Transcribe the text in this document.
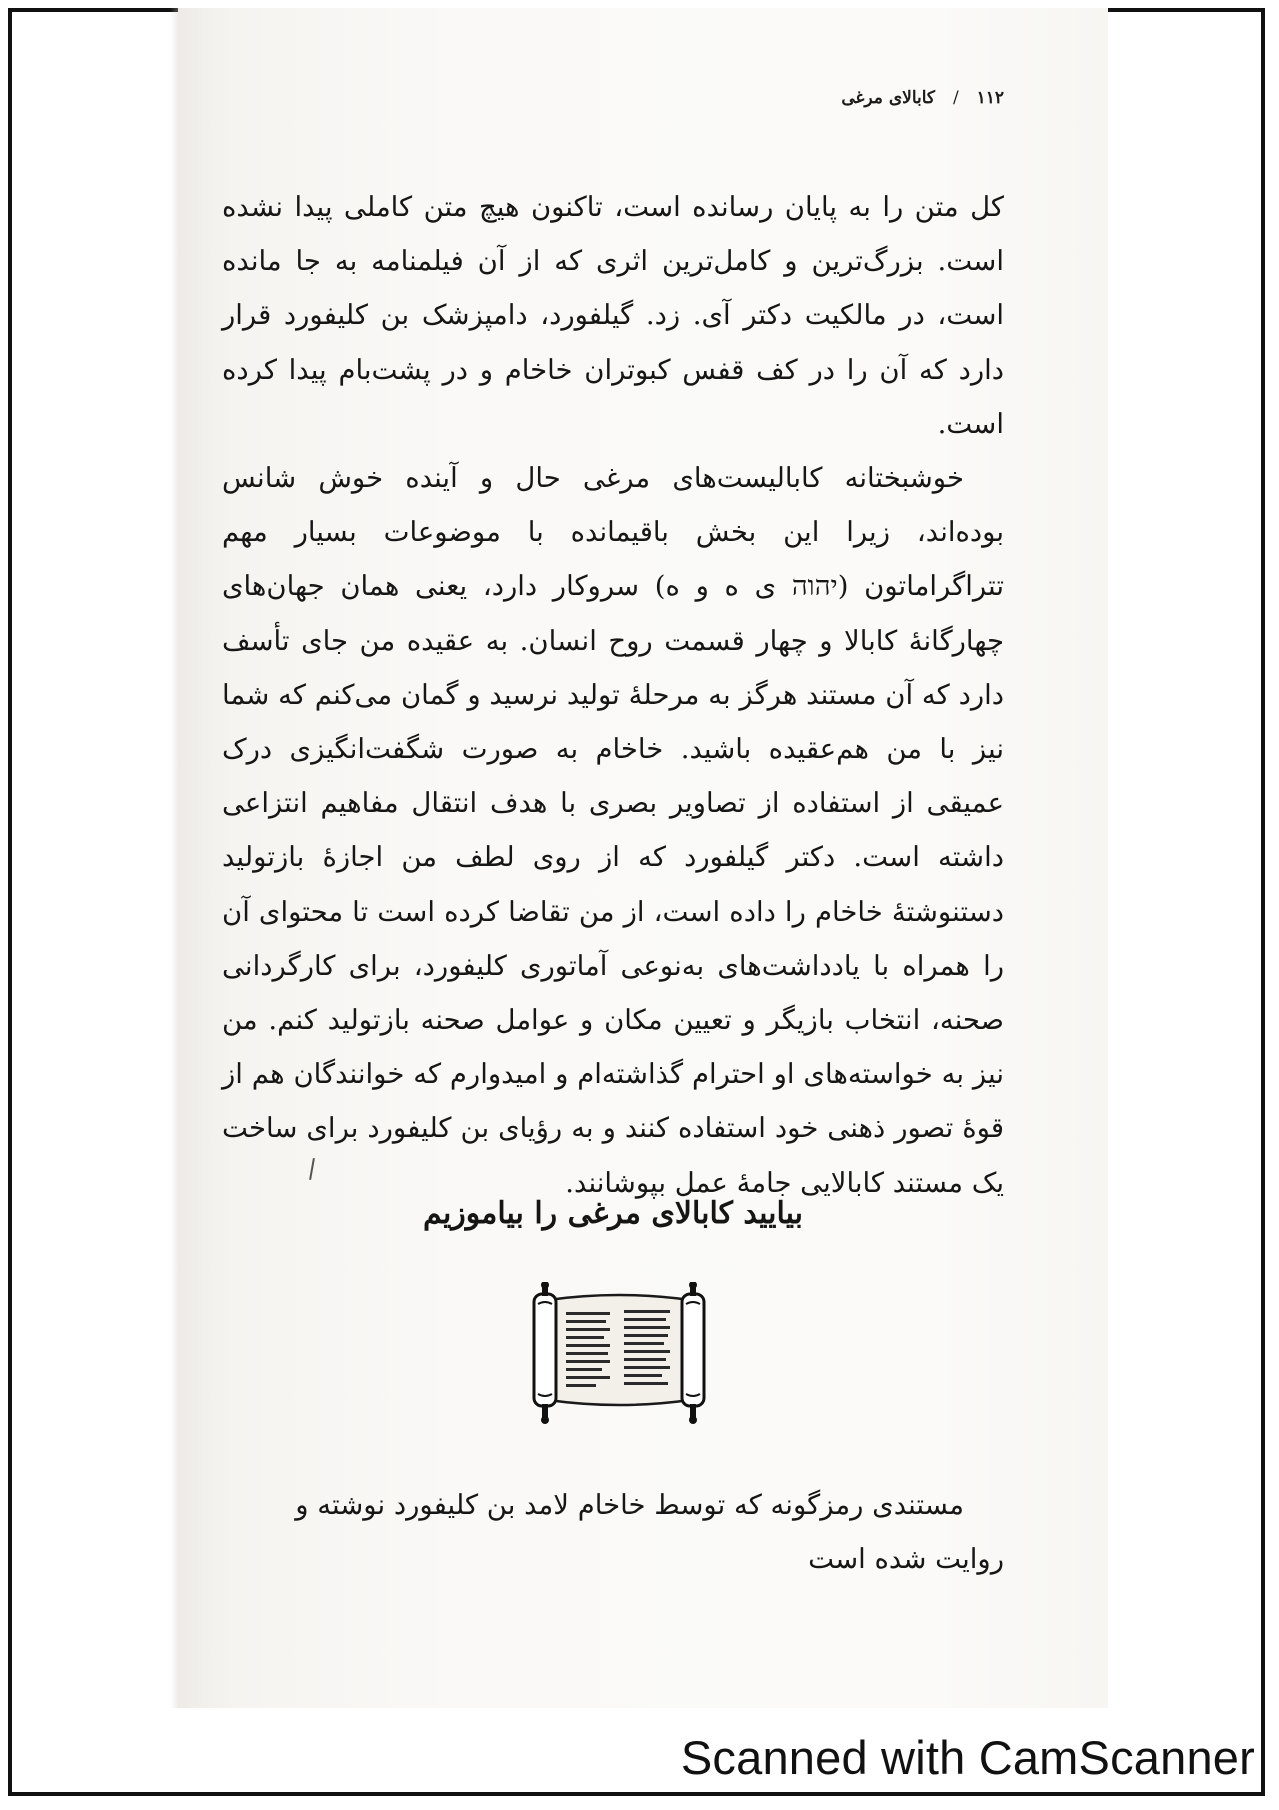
۱۱۲ / کابالای مرغی

کل متن را به پایان رسانده است، تاکنون هیچ متن کاملی پیدا نشده است. بزرگ‌ترین و کامل‌ترین اثری که از آن فیلمنامه به جا مانده است، در مالکیت دکتر آی. زد. گیلفورد، دامپزشک بن کلیفورد قرار دارد که آن را در کف قفس کبوتران خاخام و در پشت‌بام پیدا کرده است.

خوشبختانه کابالیست‌های مرغی حال و آینده خوش شانس بوده‌اند، زیرا این بخش باقیمانده با موضوعات بسیار مهم تتراگراماتون (יהוה ی ه و ه) سروکار دارد، یعنی همان جهان‌های چهارگانهٔ کابالا و چهار قسمت روح انسان. به عقیده من جای تأسف دارد که آن مستند هرگز به مرحلهٔ تولید نرسید و گمان می‌کنم که شما نیز با من هم‌عقیده باشید. خاخام به صورت شگفت‌انگیزی درک عمیقی از استفاده از تصاویر بصری با هدف انتقال مفاهیم انتزاعی داشته است. دکتر گیلفورد که از روی لطف من اجازهٔ بازتولید دستنوشتهٔ خاخام را داده است، از من تقاضا کرده است تا محتوای آن را همراه با یادداشت‌های به‌نوعی آماتوری کلیفورد، برای کارگردانی صحنه، انتخاب بازیگر و تعیین مکان و عوامل صحنه بازتولید کنم. من نیز به خواسته‌های او احترام گذاشته‌ام و امیدوارم که خوانندگان هم از قوهٔ تصور ذهنی خود استفاده کنند و به رؤیای بن کلیفورد برای ساخت یک مستند کابالایی جامهٔ عمل بپوشانند.

بیایید کابالای مرغی را بیاموزیم

مستندی رمزگونه که توسط خاخام لامد بن کلیفورد نوشته و روایت شده است

Scanned with CamScanner
